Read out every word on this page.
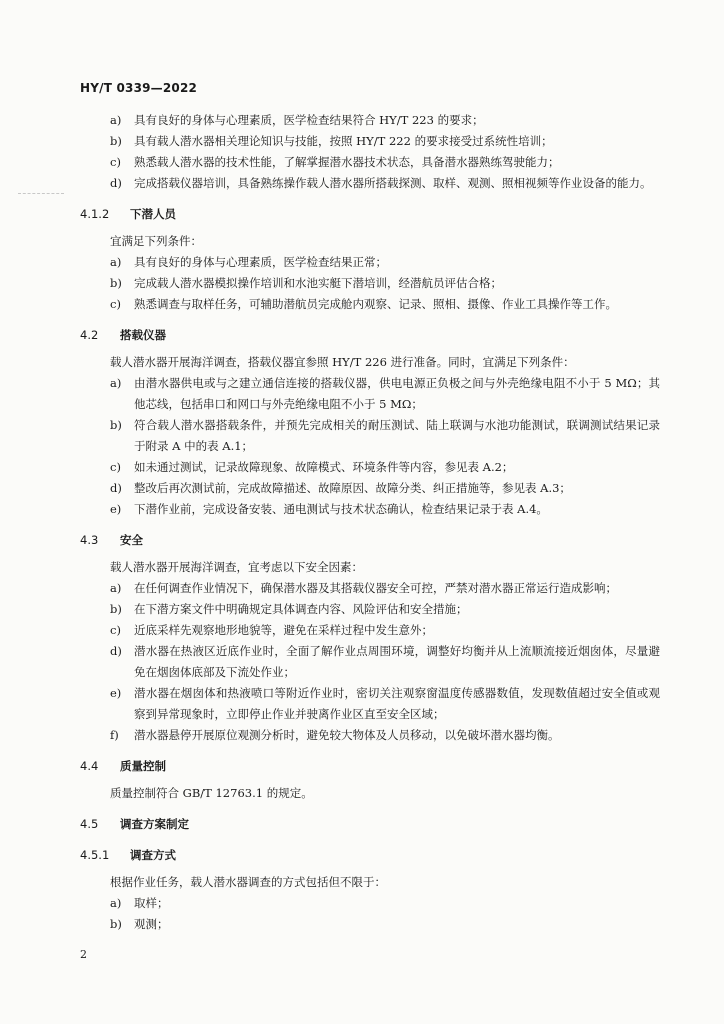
HY/T 0339—2022
a) 具有良好的身体与心理素质，医学检查结果符合 HY/T 223 的要求；
b) 具有载人潜水器相关理论知识与技能，按照 HY/T 222 的要求接受过系统性培训；
c) 熟悉载人潜水器的技术性能，了解掌握潜水器技术状态，具备潜水器熟练驾驶能力；
d) 完成搭载仪器培训，具备熟练操作载人潜水器所搭载探测、取样、观测、照相视频等作业设备的能力。
4.1.2	下潜人员
宜满足下列条件：
a) 具有良好的身体与心理素质，医学检查结果正常；
b) 完成载人潜水器模拟操作培训和水池实艇下潜培训，经潜航员评估合格；
c) 熟悉调查与取样任务，可辅助潜航员完成舱内观察、记录、照相、摄像、作业工具操作等工作。
4.2	搭载仪器
载人潜水器开展海洋调查，搭载仪器宜参照 HY/T 226 进行准备。同时，宜满足下列条件：
a) 由潜水器供电或与之建立通信连接的搭载仪器，供电电源正负极之间与外壳绝缘电阻不小于 5 MΩ；其他芯线，包括串口和网口与外壳绝缘电阻不小于 5 MΩ；
b) 符合载人潜水器搭载条件，并预先完成相关的耐压测试、陆上联调与水池功能测试，联调测试结果记录于附录 A 中的表 A.1；
c) 如未通过测试，记录故障现象、故障模式、环境条件等内容，参见表 A.2；
d) 整改后再次测试前，完成故障描述、故障原因、故障分类、纠正措施等，参见表 A.3；
e) 下潜作业前，完成设备安装、通电测试与技术状态确认，检查结果记录于表 A.4。
4.3	安全
载人潜水器开展海洋调查，宜考虑以下安全因素：
a) 在任何调查作业情况下，确保潜水器及其搭载仪器安全可控，严禁对潜水器正常运行造成影响；
b) 在下潜方案文件中明确规定具体调查内容、风险评估和安全措施；
c) 近底采样先观察地形地貌等，避免在采样过程中发生意外；
d) 潜水器在热液区近底作业时，全面了解作业点周围环境，调整好均衡并从上流顺流接近烟囱体，尽量避免在烟囱体底部及下流处作业；
e) 潜水器在烟囱体和热液喷口等附近作业时，密切关注观察窗温度传感器数值，发现数值超过安全值或观察到异常现象时，立即停止作业并驶离作业区直至安全区域；
f) 潜水器悬停开展原位观测分析时，避免较大物体及人员移动，以免破坏潜水器均衡。
4.4	质量控制
质量控制符合 GB/T 12763.1 的规定。
4.5	调查方案制定
4.5.1	调查方式
根据作业任务，载人潜水器调查的方式包括但不限于：
a) 取样；
b) 观测；
2
